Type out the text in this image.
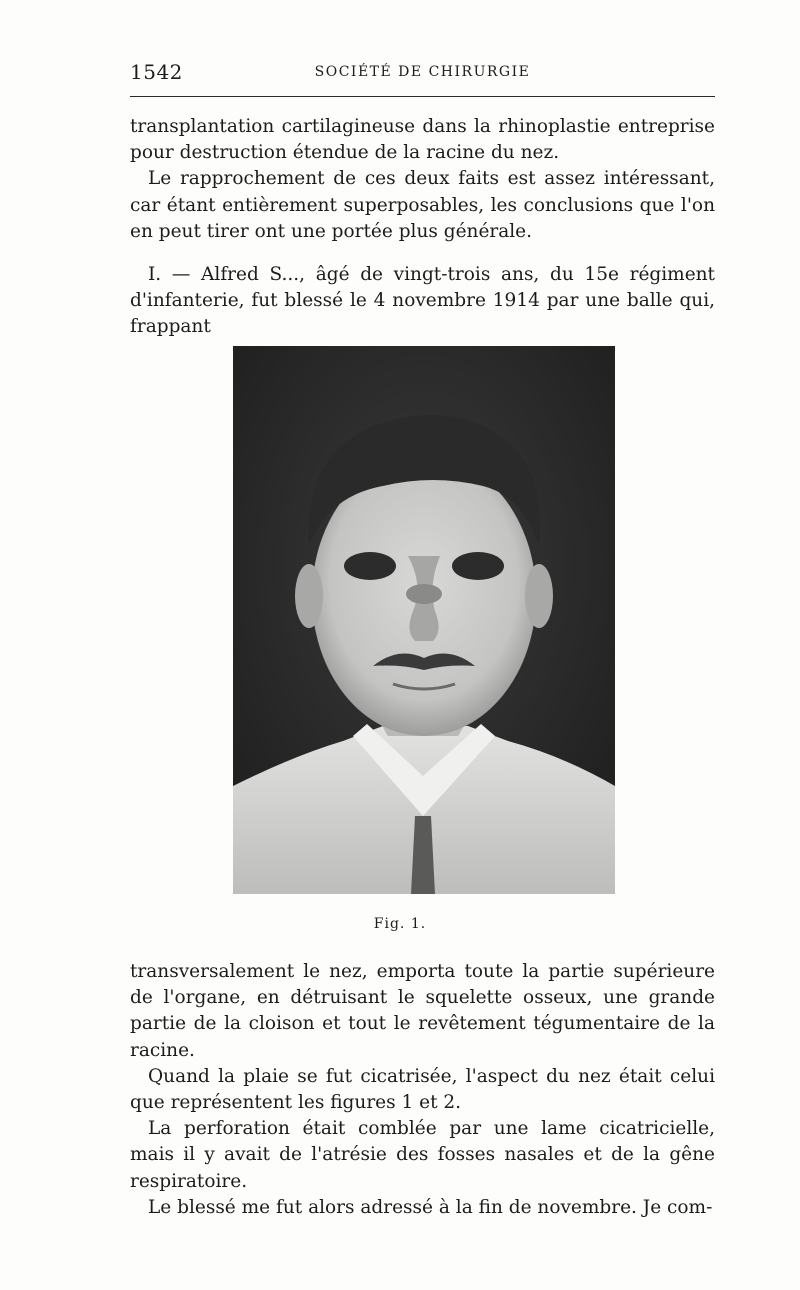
1542	SOCIÉTÉ DE CHIRURGIE

transplantation cartilagineuse dans la rhinoplastie entreprise pour destruction étendue de la racine du nez.

Le rapprochement de ces deux faits est assez intéressant, car étant entièrement superposables, les conclusions que l'on en peut tirer ont une portée plus générale.

I. — Alfred S..., âgé de vingt-trois ans, du 15e régiment d'infanterie, fut blessé le 4 novembre 1914 par une balle qui, frappant

Fig. 1.

transversalement le nez, emporta toute la partie supérieure de l'organe, en détruisant le squelette osseux, une grande partie de la cloison et tout le revêtement tégumentaire de la racine.

Quand la plaie se fut cicatrisée, l'aspect du nez était celui que représentent les figures 1 et 2.

La perforation était comblée par une lame cicatricielle, mais il y avait de l'atrésie des fosses nasales et de la gêne respiratoire.

Le blessé me fut alors adressé à la fin de novembre. Je com-
